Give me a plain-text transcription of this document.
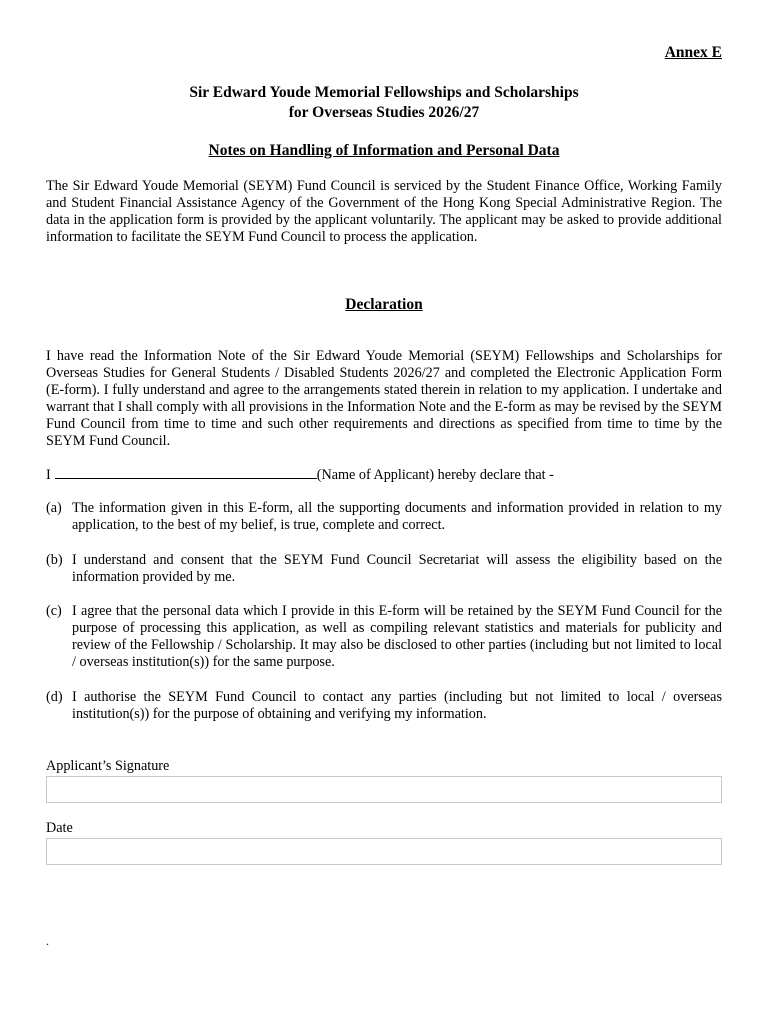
Annex E
Sir Edward Youde Memorial Fellowships and Scholarships
for Overseas Studies 2026/27
Notes on Handling of Information and Personal Data

The Sir Edward Youde Memorial (SEYM) Fund Council is serviced by the Student Finance Office, Working Family and Student Financial Assistance Agency of the Government of the Hong Kong Special Administrative Region. The data in the application form is provided by the applicant voluntarily. The applicant may be asked to provide additional information to facilitate the SEYM Fund Council to process the application.

Declaration

I have read the Information Note of the Sir Edward Youde Memorial (SEYM) Fellowships and Scholarships for Overseas Studies for General Students / Disabled Students 2026/27 and completed the Electronic Application Form (E-form). I fully understand and agree to the arrangements stated therein in relation to my application. I undertake and warrant that I shall comply with all provisions in the Information Note and the E-form as may be revised by the SEYM Fund Council from time to time and such other requirements and directions as specified from time to time by the SEYM Fund Council.

I	(Name of Applicant) hereby declare that -
(a) The information given in this E-form, all the supporting documents and information provided in relation to my application, to the best of my belief, is true, complete and correct.
(b) I understand and consent that the SEYM Fund Council Secretariat will assess the eligibility based on the information provided by me.
(c) I agree that the personal data which I provide in this E-form will be retained by the SEYM Fund Council for the purpose of processing this application, as well as compiling relevant statistics and materials for publicity and review of the Fellowship / Scholarship. It may also be disclosed to other parties (including but not limited to local / overseas institution(s)) for the same purpose.
(d) I authorise the SEYM Fund Council to contact any parties (including but not limited to local / overseas institution(s)) for the purpose of obtaining and verifying my information.
Applicant’s Signature
Date
.
